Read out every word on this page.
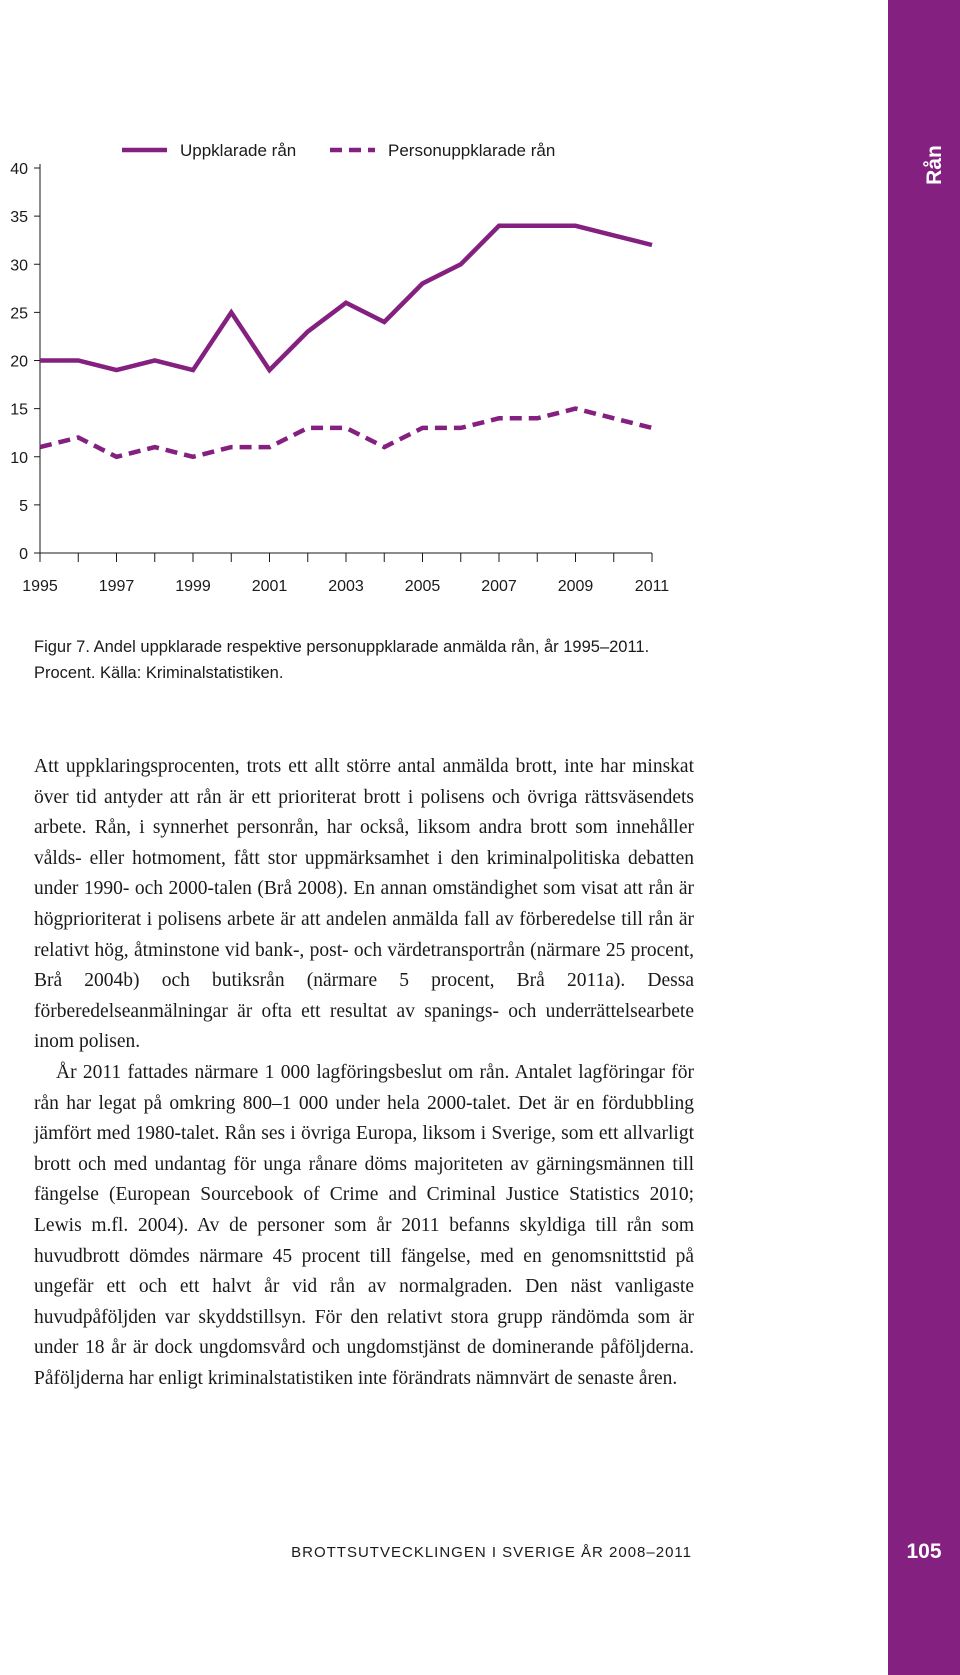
Rån
105
Uppklarade rån	Personuppklarade rån
0
5
10
15
20
25
30
35
40
1995	1997	1999	2001	2003	2005	2007	2009	2011

Figur 7. Andel uppklarade respektive personuppklarade anmälda rån, år 1995–2011. Procent. Källa: Kriminalstatistiken.

Att uppklaringsprocenten, trots ett allt större antal anmälda brott, inte har minskat över tid antyder att rån är ett prioriterat brott i polisens och övriga rättsväsendets arbete. Rån, i synnerhet personrån, har också, liksom andra brott som innehåller vålds- eller hotmoment, fått stor uppmärksamhet i den kriminalpolitiska debatten under 1990- och 2000-talen (Brå 2008). En annan omständighet som visat att rån är högprioriterat i polisens arbete är att andelen anmälda fall av förberedelse till rån är relativt hög, åtminstone vid bank-, post- och värdetransportrån (närmare 25 procent, Brå 2004b) och butiksrån (närmare 5 procent, Brå 2011a). Dessa förberedelseanmälningar är ofta ett resultat av spanings- och underrättelsearbete inom polisen.

År 2011 fattades närmare 1 000 lagföringsbeslut om rån. Antalet lagföringar för rån har legat på omkring 800–1 000 under hela 2000-talet. Det är en fördubbling jämfört med 1980-talet. Rån ses i övriga Europa, liksom i Sverige, som ett allvarligt brott och med undantag för unga rånare döms majoriteten av gärningsmännen till fängelse (European Sourcebook of Crime and Criminal Justice Statistics 2010; Lewis m.fl. 2004). Av de personer som år 2011 befanns skyldiga till rån som huvudbrott dömdes närmare 45 procent till fängelse, med en genomsnittstid på ungefär ett och ett halvt år vid rån av normalgraden. Den näst vanligaste huvudpåföljden var skyddstillsyn. För den relativt stora grupp rändömda som är under 18 år är dock ungdomsvård och ungdomstjänst de dominerande påföljderna. Påföljderna har enligt kriminalstatistiken inte förändrats nämnvärt de senaste åren.

BROTTSUTVECKLINGEN I SVERIGE ÅR 2008–2011
